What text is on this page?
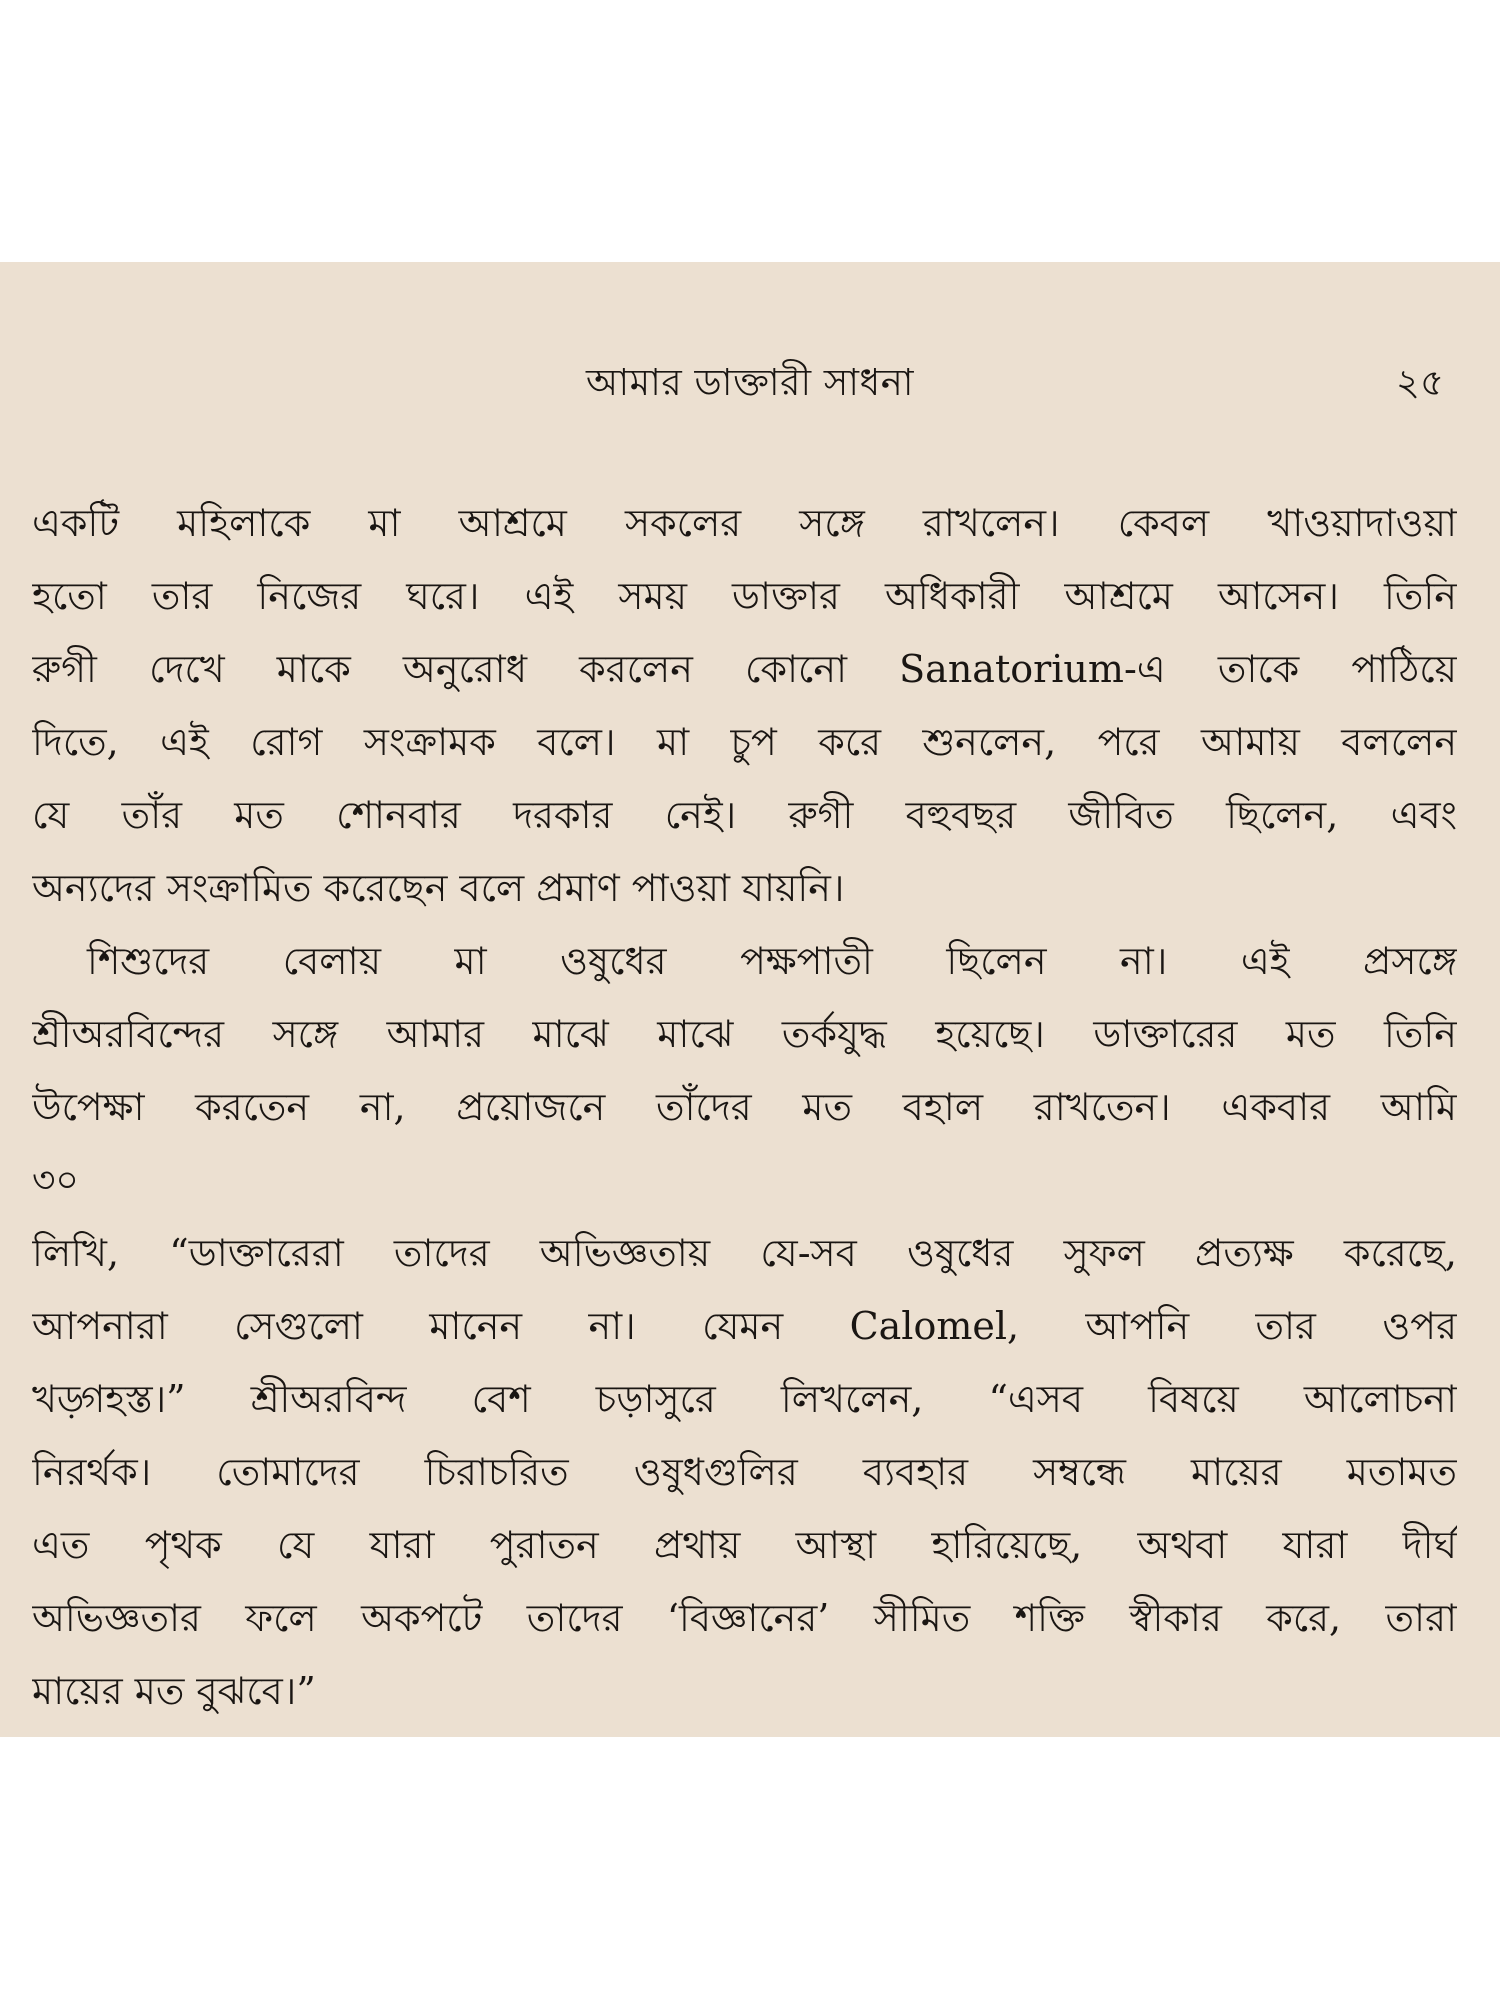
আমার ডাক্তারী সাধনা	২৫
একটি মহিলাকে মা আশ্রমে সকলের সঙ্গে রাখলেন। কেবল খাওয়াদাওয়া
হতো তার নিজের ঘরে। এই সময় ডাক্তার অধিকারী আশ্রমে আসেন। তিনি
রুগী দেখে মাকে অনুরোধ করলেন কোনো Sanatorium-এ তাকে পাঠিয়ে
দিতে, এই রোগ সংক্রামক বলে। মা চুপ করে শুনলেন, পরে আমায় বললেন
যে তাঁর মত শোনবার দরকার নেই। রুগী বহুবছর জীবিত ছিলেন, এবং
অন্যদের সংক্রামিত করেছেন বলে প্রমাণ পাওয়া যায়নি।
শিশুদের বেলায় মা ওষুধের পক্ষপাতী ছিলেন না। এই প্রসঙ্গে
শ্রীঅরবিন্দের সঙ্গে আমার মাঝে মাঝে তর্কযুদ্ধ হয়েছে। ডাক্তারের মত তিনি
উপেক্ষা করতেন না, প্রয়োজনে তাঁদের মত বহাল রাখতেন। একবার আমি
৩০
লিখি, “ডাক্তারেরা তাদের অভিজ্ঞতায় যে-সব ওষুধের সুফল প্রত্যক্ষ করেছে,
আপনারা সেগুলো মানেন না। যেমন Calomel, আপনি তার ওপর
খড়্গহস্ত।” শ্রীঅরবিন্দ বেশ চড়াসুরে লিখলেন, “এসব বিষয়ে আলোচনা
নিরর্থক। তোমাদের চিরাচরিত ওষুধগুলির ব্যবহার সম্বন্ধে মায়ের মতামত
এত পৃথক যে যারা পুরাতন প্রথায় আস্থা হারিয়েছে, অথবা যারা দীর্ঘ
অভিজ্ঞতার ফলে অকপটে তাদের ‘বিজ্ঞানের’ সীমিত শক্তি স্বীকার করে, তারা
মায়ের মত বুঝবে।”
